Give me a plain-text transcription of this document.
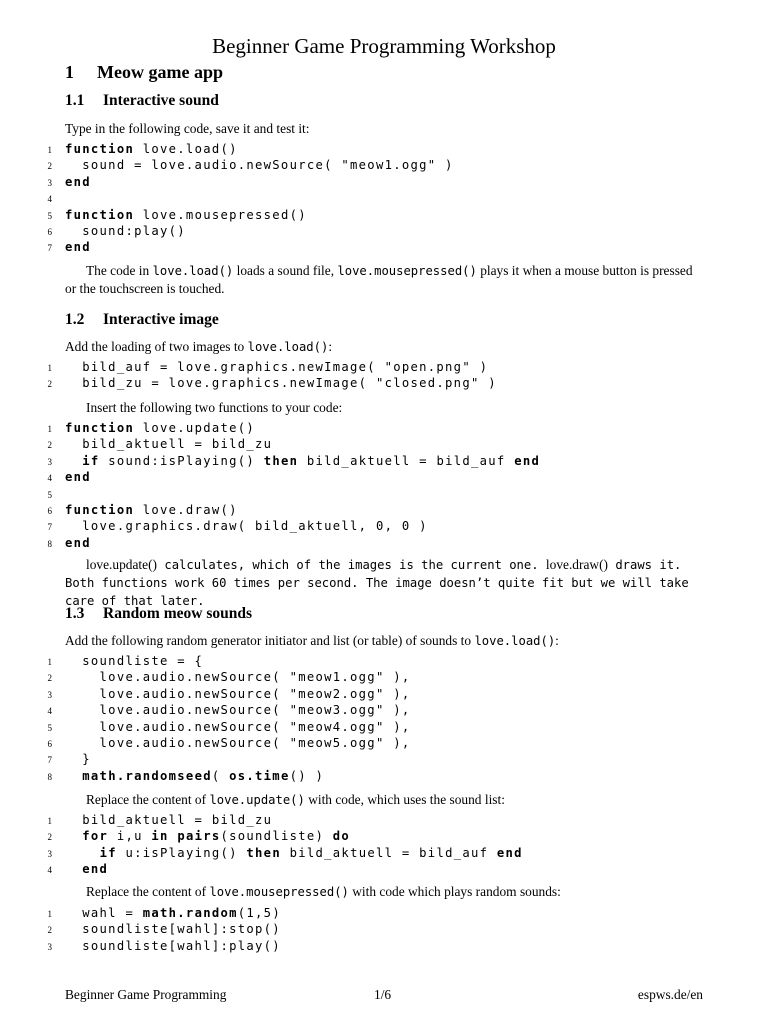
Beginner Game Programming Workshop
1 Meow game app
1.1 Interactive sound
Type in the following code, save it and test it:
1 function love.load()
2 sound = love.audio.newSource( "meow1.ogg" )
3 end
4
5 function love.mousepressed()
6 sound:play()
7 end
The code in love.load() loads a sound file, love.mousepressed() plays it when a mouse button is pressed or the touchscreen is touched.
1.2 Interactive image
Add the loading of two images to love.load():
1 bild_auf = love.graphics.newImage( "open.png" )
2 bild_zu = love.graphics.newImage( "closed.png" )
Insert the following two functions to your code:
1 function love.update()
2 bild_aktuell = bild_zu
3	if sound:isPlaying() then bild_aktuell = bild_auf end
4 end
5
6 function love.draw()
7 love.graphics.draw( bild_aktuell, 0, 0 )
8 end
love.update() calculates, which of the images is the current one. love.draw() draws it. Both functions work 60 times per second. The image doesn’t quite fit but we will take care of that later.
1.3 Random meow sounds
Add the following random generator initiator and list (or table) of sounds to love.load():
1 soundliste = {
2 love.audio.newSource( "meow1.ogg" ),
3 love.audio.newSource( "meow2.ogg" ),
4 love.audio.newSource( "meow3.ogg" ),
5 love.audio.newSource( "meow4.ogg" ),
6 love.audio.newSource( "meow5.ogg" ),
7 }
8	math.randomseed( os.time() )
Replace the content of love.update() with code, which uses the sound list:
1 bild_aktuell = bild_zu
2	for i,u in pairs(soundliste) do
3	if u:isPlaying() then bild_aktuell = bild_auf end
4	end
Replace the content of love.mousepressed() with code which plays random sounds:
1 wahl = math.random(1,5)
2 soundliste[wahl]:stop()
3 soundliste[wahl]:play()
Beginner Game Programming	1/6	espws.de/en
